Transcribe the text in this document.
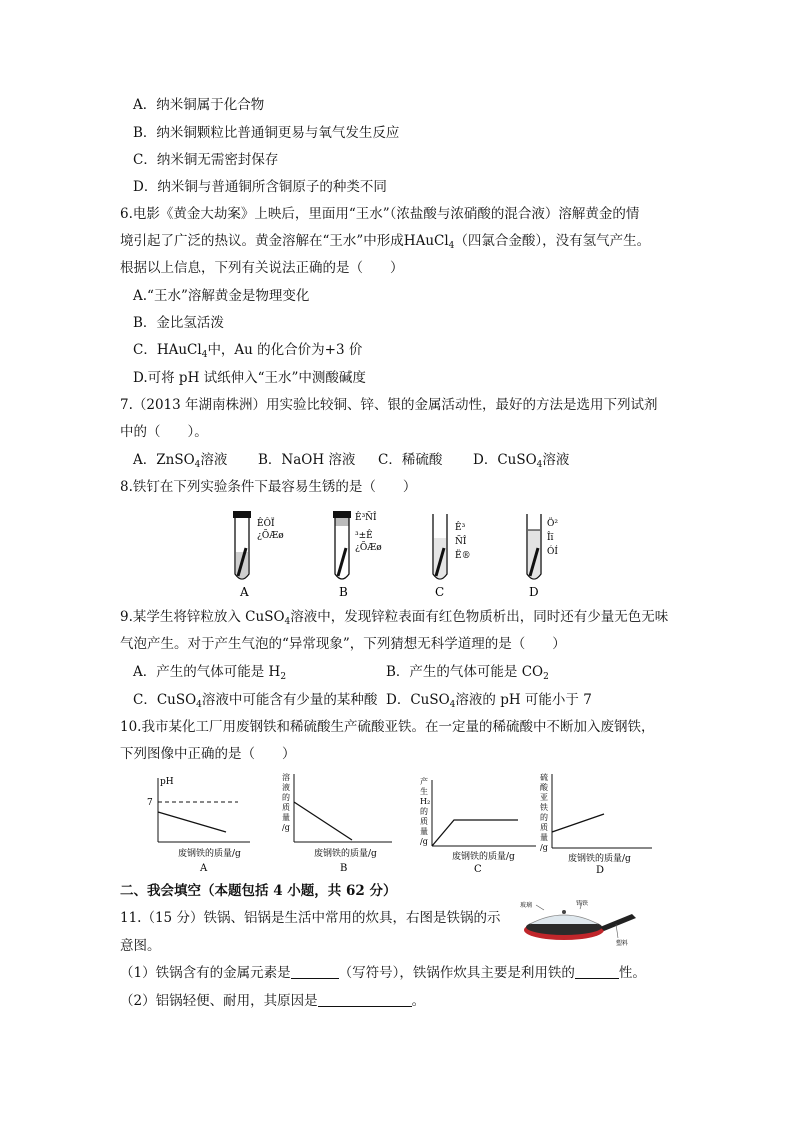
A．纳米铜属于化合物
B．纳米铜颗粒比普通铜更易与氧气发生反应
C．纳米铜无需密封保存
D．纳米铜与普通铜所含铜原子的种类不同
6.电影《黄金大劫案》上映后，里面用“王水”（浓盐酸与浓硝酸的混合液）溶解黄金的情
境引起了广泛的热议。黄金溶解在“王水”中形成HAuCl$_4$（四氯合金酸），没有氢气产生。
根据以上信息，下列有关说法正确的是（　　）
A.“王水”溶解黄金是物理变化
B．金比氢活泼
C．HAuCl$_4$中，Au 的化合价为+3 价
D.可将 pH 试纸伸入“王水”中测酸碱度
7.（2013 年湖南株洲）用实验比较铜、锌、银的金属活动性，最好的方法是选用下列试剂
中的（　　）。
A．ZnSO$_4$溶液 B．NaOH 溶液 C．稀硫酸 D．CuSO$_4$溶液
8.铁钉在下列实验条件下最容易生锈的是（　　）
ÊÔÏ
¿ÕÆø
A
Ê³ÑÎ
³±Ê
¿ÕÆø
B
Ê³
ÑÎ
Ë®
C
Ö²
Îï
ÓÍ
D
9.某学生将锌粒放入 CuSO$_4$溶液中，发现锌粒表面有红色物质析出，同时还有少量无色无味
气泡产生。对于产生气泡的“异常现象”，下列猜想无科学道理的是（　　）
A．产生的气体可能是 $H_2$	B．产生的气体可能是 $CO_2$
C．CuSO$_4$溶液中可能含有少量的某种酸 D．CuSO$_4$溶液的 pH 可能小于 7
10.我市某化工厂用废钢铁和稀硫酸生产硫酸亚铁。在一定量的稀硫酸中不断加入废钢铁，
下列图像中正确的是（　　）
pH
7
废钢铁的质量/g
A
溶液的质量/g
废钢铁的质量/g
B
产生 H₂ 的质量/g
废钢铁的质量/g
C
硫酸亚铁的质量/g
废钢铁的质量/g
D
二、我会填空（本题包括 4 小题，共 62 分）
11.（15 分）铁锅、铝锅是生活中常用的炊具，右图是铁锅的示
意图。
玻璃	铸铁
塑料
（1）铁锅含有的金属元素是	（写符号），铁锅作炊具主要是利用铁的	性。
（2）铝锅轻便、耐用，其原因是	。
